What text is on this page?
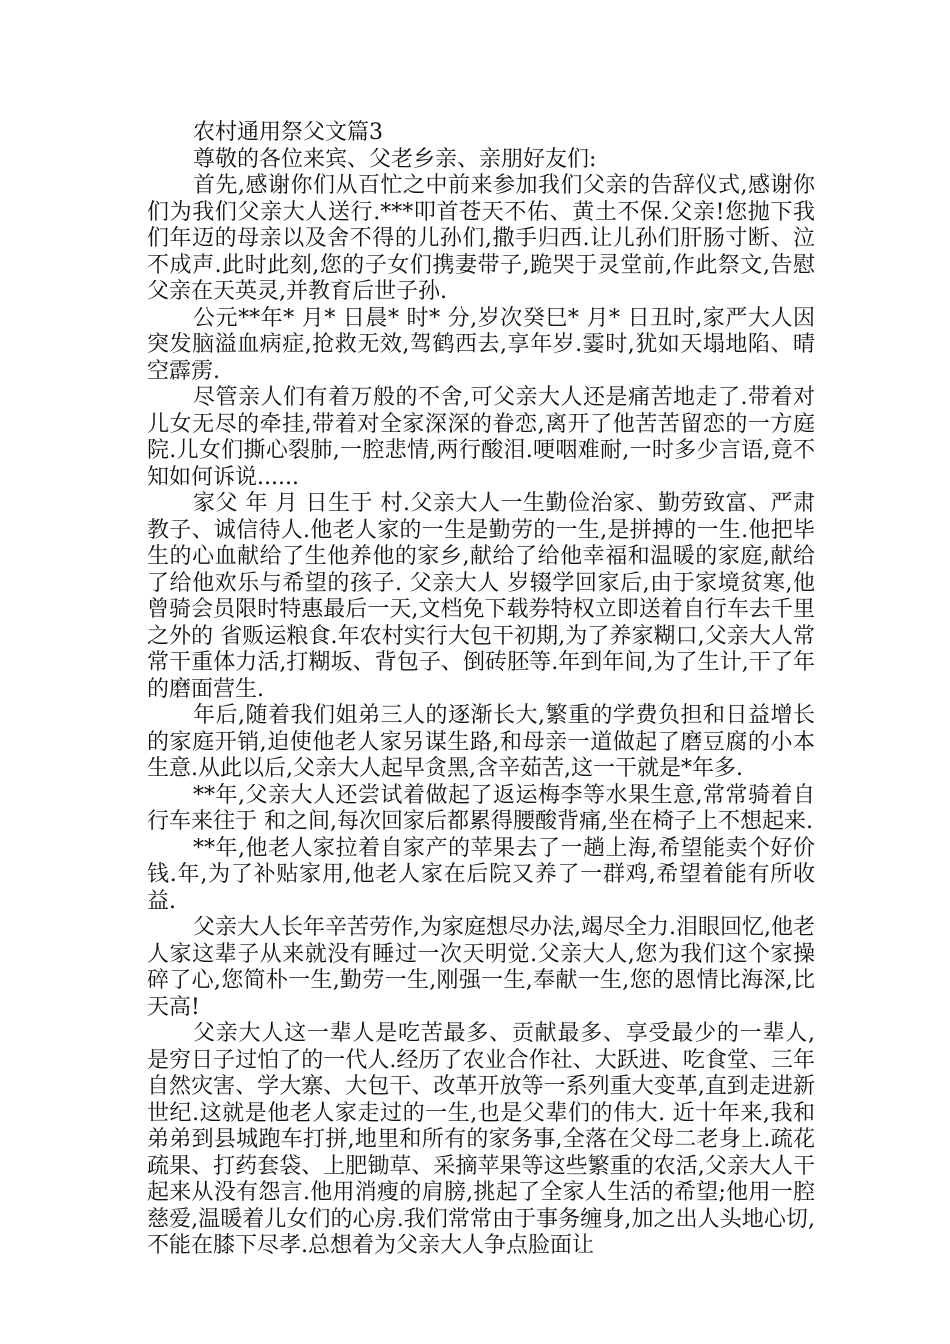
农村通用祭父文篇3

尊敬的各位来宾、父老乡亲、亲朋好友们:

首先,感谢你们从百忙之中前来参加我们父亲的告辞仪式,感谢你们为我们父亲大人送行.***叩首苍天不佑、黄土不保.父亲!您抛下我们年迈的母亲以及舍不得的儿孙们,撒手归西.让儿孙们肝肠寸断、泣不成声.此时此刻,您的子女们携妻带子,跪哭于灵堂前,作此祭文,告慰父亲在天英灵,并教育后世子孙.

公元**年* 月* 日晨* 时* 分,岁次癸巳* 月* 日丑时,家严大人因突发脑溢血病症,抢救无效,驾鹤西去,享年岁.霎时,犹如天塌地陷、晴空霹雳.

尽管亲人们有着万般的不舍,可父亲大人还是痛苦地走了.带着对儿女无尽的牵挂,带着对全家深深的眷恋,离开了他苦苦留恋的一方庭院.儿女们撕心裂肺,一腔悲情,两行酸泪.哽咽难耐,一时多少言语,竟不知如何诉说......

家父 年 月 日生于 村.父亲大人一生勤俭治家、勤劳致富、严肃教子、诚信待人.他老人家的一生是勤劳的一生,是拼搏的一生.他把毕生的心血献给了生他养他的家乡,献给了给他幸福和温暖的家庭,献给了给他欢乐与希望的孩子. 父亲大人 岁辍学回家后,由于家境贫寒,他曾骑会员限时特惠最后一天,文档免下载券特权立即送着自行车去千里之外的 省贩运粮食.年农村实行大包干初期,为了养家糊口,父亲大人常常干重体力活,打糊坂、背包子、倒砖胚等.年到年间,为了生计,干了年的磨面营生.

年后,随着我们姐弟三人的逐渐长大,繁重的学费负担和日益增长的家庭开销,迫使他老人家另谋生路,和母亲一道做起了磨豆腐的小本生意.从此以后,父亲大人起早贪黑,含辛茹苦,这一干就是*年多.

**年,父亲大人还尝试着做起了返运梅李等水果生意,常常骑着自行车来往于 和之间,每次回家后都累得腰酸背痛,坐在椅子上不想起来.

**年,他老人家拉着自家产的苹果去了一趟上海,希望能卖个好价钱.年,为了补贴家用,他老人家在后院又养了一群鸡,希望着能有所收益.

父亲大人长年辛苦劳作,为家庭想尽办法,竭尽全力.泪眼回忆,他老人家这辈子从来就没有睡过一次天明觉.父亲大人,您为我们这个家操碎了心,您简朴一生,勤劳一生,刚强一生,奉献一生,您的恩情比海深,比天高!

父亲大人这一辈人是吃苦最多、贡献最多、享受最少的一辈人,是穷日子过怕了的一代人.经历了农业合作社、大跃进、吃食堂、三年自然灾害、学大寨、大包干、改革开放等一系列重大变革,直到走进新世纪.这就是他老人家走过的一生,也是父辈们的伟大. 近十年来,我和弟弟到县城跑车打拼,地里和所有的家务事,全落在父母二老身上.疏花疏果、打药套袋、上肥锄草、采摘苹果等这些繁重的农活,父亲大人干起来从没有怨言.他用消瘦的肩膀,挑起了全家人生活的希望;他用一腔慈爱,温暖着儿女们的心房.我们常常由于事务缠身,加之出人头地心切,不能在膝下尽孝.总想着为父亲大人争点脸面让
